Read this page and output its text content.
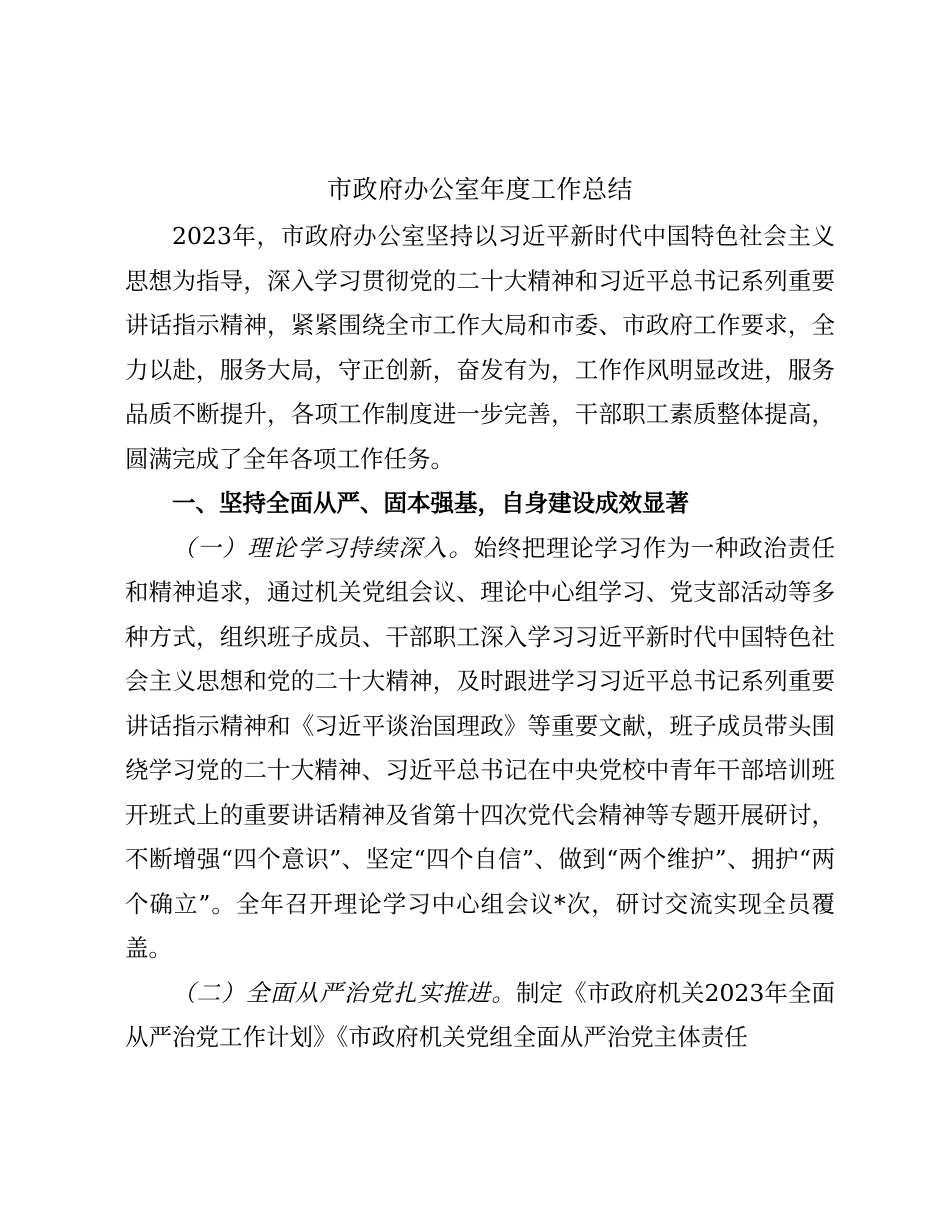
市政府办公室年度工作总结

2023年，市政府办公室坚持以习近平新时代中国特色社会主义思想为指导，深入学习贯彻党的二十大精神和习近平总书记系列重要讲话指示精神，紧紧围绕全市工作大局和市委、市政府工作要求，全力以赴，服务大局，守正创新，奋发有为，工作作风明显改进，服务品质不断提升，各项工作制度进一步完善，干部职工素质整体提高，圆满完成了全年各项工作任务。

一、坚持全面从严、固本强基，自身建设成效显著

（一）理论学习持续深入。始终把理论学习作为一种政治责任和精神追求，通过机关党组会议、理论中心组学习、党支部活动等多种方式，组织班子成员、干部职工深入学习习近平新时代中国特色社会主义思想和党的二十大精神，及时跟进学习习近平总书记系列重要讲话指示精神和《习近平谈治国理政》等重要文献，班子成员带头围绕学习党的二十大精神、习近平总书记在中央党校中青年干部培训班开班式上的重要讲话精神及省第十四次党代会精神等专题开展研讨，不断增强“四个意识”、坚定“四个自信”、做到“两个维护”、拥护“两个确立”。全年召开理论学习中心组会议*次，研讨交流实现全员覆盖。

（二）全面从严治党扎实推进。制定《市政府机关2023年全面从严治党工作计划》《市政府机关党组全面从严治党主体责任
